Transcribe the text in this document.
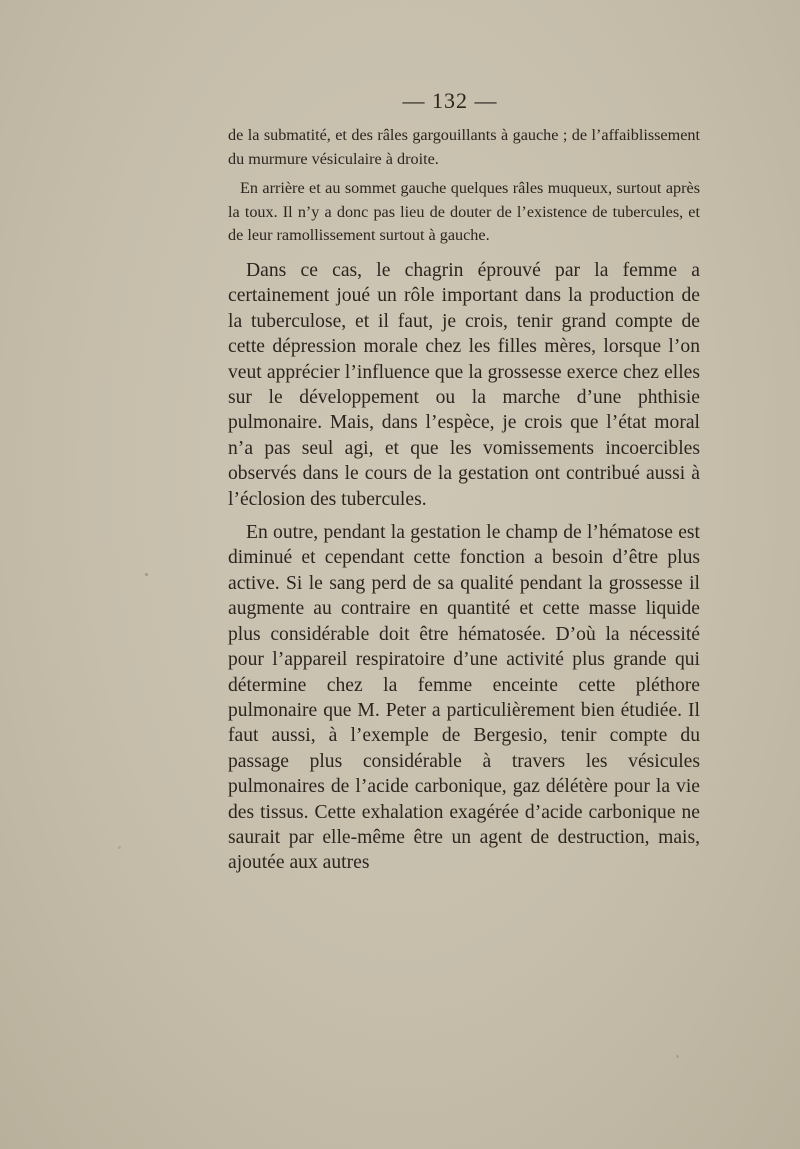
— 132 —

de la submatité, et des râles gargouillants à gauche ; de l’affaiblissement du murmure vésiculaire à droite.

En arrière et au sommet gauche quelques râles muqueux, surtout après la toux. Il n’y a donc pas lieu de douter de l’existence de tubercules, et de leur ramollissement surtout à gauche.

Dans ce cas, le chagrin éprouvé par la femme a certainement joué un rôle important dans la production de la tuberculose, et il faut, je crois, tenir grand compte de cette dépression morale chez les filles mères, lorsque l’on veut apprécier l’influence que la grossesse exerce chez elles sur le développement ou la marche d’une phthisie pulmonaire. Mais, dans l’espèce, je crois que l’état moral n’a pas seul agi, et que les vomissements incoercibles observés dans le cours de la gestation ont contribué aussi à l’éclosion des tubercules.

En outre, pendant la gestation le champ de l’hématose est diminué et cependant cette fonction a besoin d’être plus active. Si le sang perd de sa qualité pendant la grossesse il augmente au contraire en quantité et cette masse liquide plus considérable doit être hématosée. D’où la nécessité pour l’appareil respiratoire d’une activité plus grande qui détermine chez la femme enceinte cette pléthore pulmonaire que M. Peter a particulièrement bien étudiée. Il faut aussi, à l’exemple de Bergesio, tenir compte du passage plus considérable à travers les vésicules pulmonaires de l’acide carbonique, gaz délétère pour la vie des tissus. Cette exhalation exagérée d’acide carbonique ne saurait par elle-même être un agent de destruction, mais, ajoutée aux autres
